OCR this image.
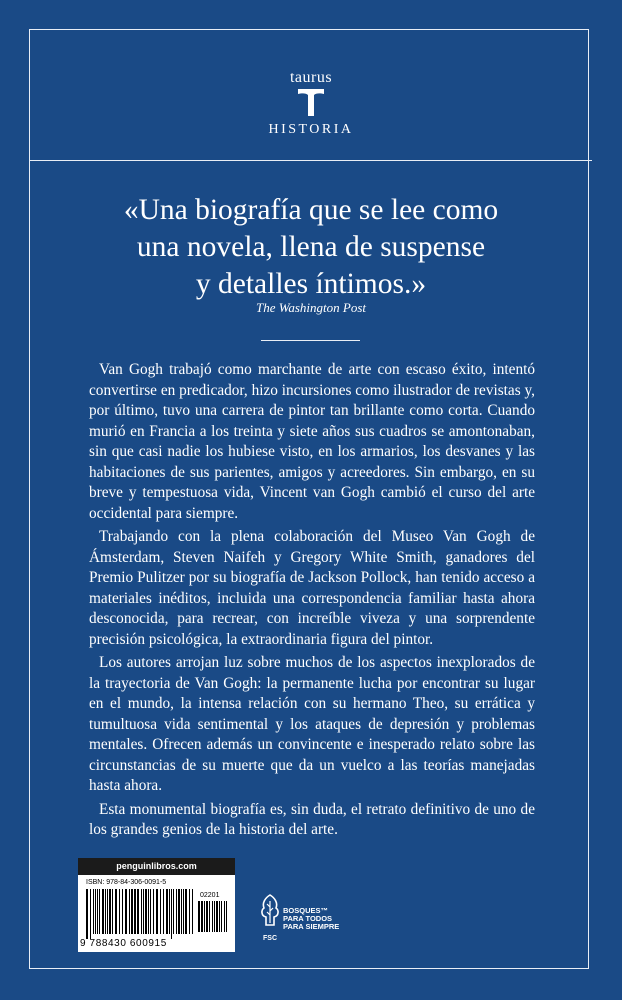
taurus
HISTORIA
«Una biografía que se lee como
una novela, llena de suspense
y detalles íntimos.»
The Washington Post

Van Gogh trabajó como marchante de arte con escaso éxito, intentó convertirse en predicador, hizo incursiones como ilustrador de revistas y, por último, tuvo una carrera de pintor tan brillante como corta. Cuando murió en Francia a los treinta y siete años sus cuadros se amontonaban, sin que casi nadie los hubiese visto, en los armarios, los desvanes y las habitaciones de sus parientes, amigos y acreedores. Sin embargo, en su breve y tempestuosa vida, Vincent van Gogh cambió el curso del arte occidental para siempre.

Trabajando con la plena colaboración del Museo Van Gogh de Ámsterdam, Steven Naifeh y Gregory White Smith, ganadores del Premio Pulitzer por su biografía de Jackson Pollock, han tenido acceso a materiales inéditos, incluida una correspondencia familiar hasta ahora desconocida, para recrear, con increíble viveza y una sorprendente precisión psicológica, la extraordinaria figura del pintor.

Los autores arrojan luz sobre muchos de los aspectos inexplorados de la trayectoria de Van Gogh: la permanente lucha por encontrar su lugar en el mundo, la intensa relación con su hermano Theo, su errática y tumultuosa vida sentimental y los ataques de depresión y problemas mentales. Ofrecen además un convincente e inesperado relato sobre las circunstancias de su muerte que da un vuelco a las teorías manejadas hasta ahora.

Esta monumental biografía es, sin duda, el retrato definitivo de uno de los grandes genios de la historia del arte.

penguinlibros.com
ISBN: 978-84-306-0091-5
02201
9 788430 600915	FSC
BOSQUES™
PARA TODOS
PARA SIEMPRE
